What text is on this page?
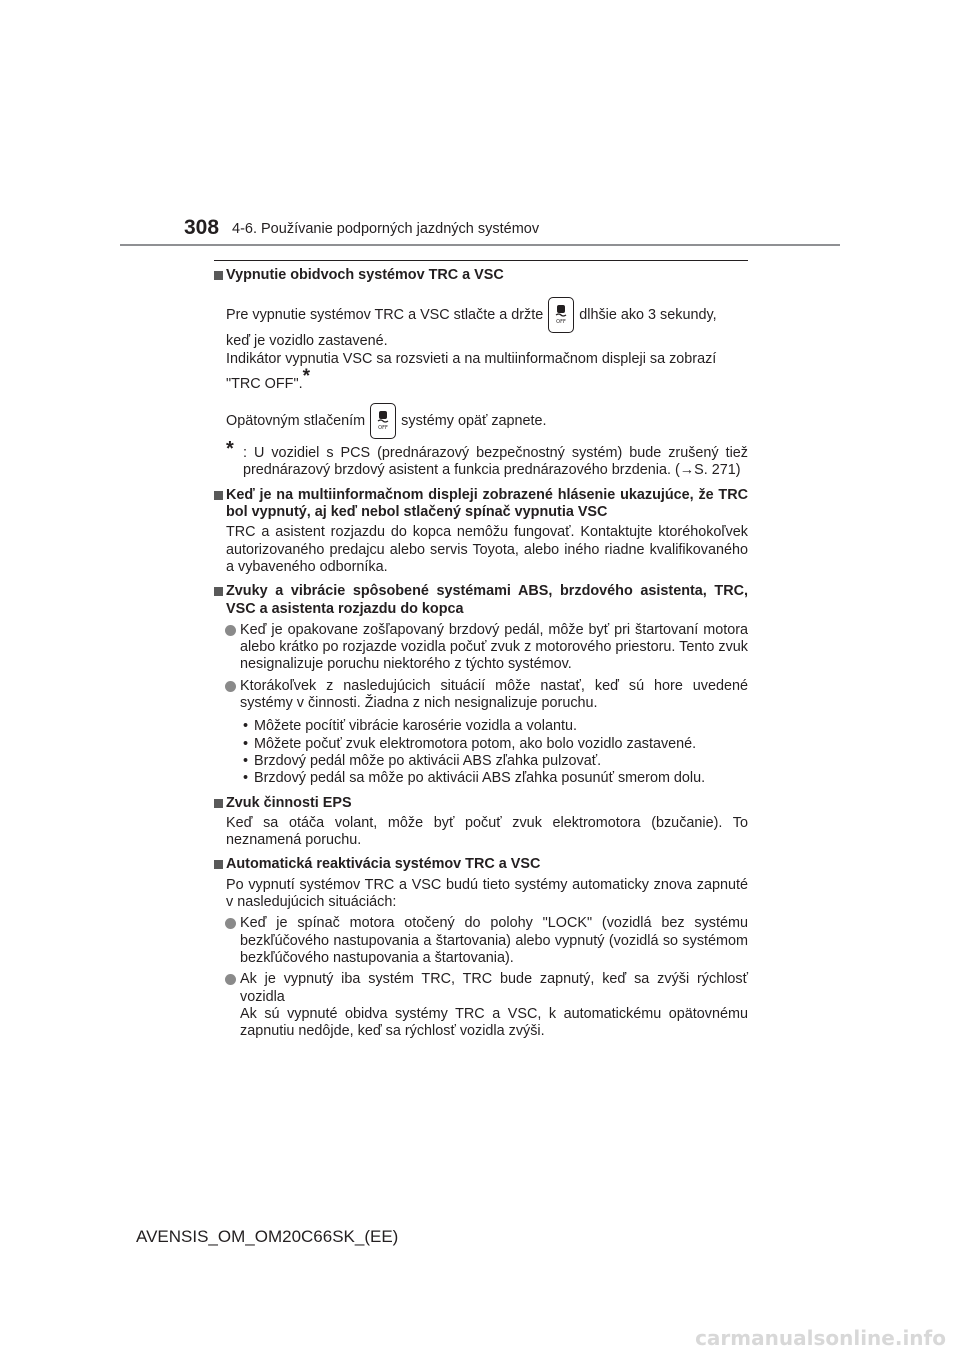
308 4-6. Používanie podporných jazdných systémov
Vypnutie obidvoch systémov TRC a VSC
Pre vypnutie systémov TRC a VSC stlačte a držte	OFF dlhšie ako 3 sekundy,
keď je vozidlo zastavené.
Indikátor vypnutia VSC sa rozsvieti a na multiinformačnom displeji sa zobrazí
"TRC OFF".*
Opätovným stlačením	OFF systémy opäť zapnete.
* : U vozidiel s PCS (prednárazový bezpečnostný systém) bude zrušený tiež prednárazový brzdový asistent a funkcia prednárazového brzdenia. (→S. 271)
Keď je na multiinformačnom displeji zobrazené hlásenie ukazujúce, že TRC bol vypnutý, aj keď nebol stlačený spínač vypnutia VSC
TRC a asistent rozjazdu do kopca nemôžu fungovať. Kontaktujte ktoréhokoľvek autorizovaného predajcu alebo servis Toyota, alebo iného riadne kvalifikovaného a vybaveného odborníka.
Zvuky a vibrácie spôsobené systémami ABS, brzdového asistenta, TRC, VSC a asistenta rozjazdu do kopca
Keď je opakovane zošľapovaný brzdový pedál, môže byť pri štartovaní motora alebo krátko po rozjazde vozidla počuť zvuk z motorového priestoru. Tento zvuk nesignalizuje poruchu niektorého z týchto systémov.
Ktorákoľvek z nasledujúcich situácií môže nastať, keď sú hore uvedené systémy v činnosti. Žiadna z nich nesignalizuje poruchu.
• Môžete pocítiť vibrácie karosérie vozidla a volantu.
• Môžete počuť zvuk elektromotora potom, ako bolo vozidlo zastavené.
• Brzdový pedál môže po aktivácii ABS zľahka pulzovať.
• Brzdový pedál sa môže po aktivácii ABS zľahka posunúť smerom dolu.
Zvuk činnosti EPS
Keď sa otáča volant, môže byť počuť zvuk elektromotora (bzučanie). To neznamená poruchu.
Automatická reaktivácia systémov TRC a VSC
Po vypnutí systémov TRC a VSC budú tieto systémy automaticky znova zapnuté v nasledujúcich situáciách:
Keď je spínač motora otočený do polohy "LOCK" (vozidlá bez systému bezkľúčového nastupovania a štartovania) alebo vypnutý (vozidlá so systémom bezkľúčového nastupovania a štartovania).
Ak je vypnutý iba systém TRC, TRC bude zapnutý, keď sa zvýši rýchlosť vozidla
Ak sú vypnuté obidva systémy TRC a VSC, k automatickému opätovnému zapnutiu nedôjde, keď sa rýchlosť vozidla zvýši.
AVENSIS_OM_OM20C66SK_(EE)
carmanualsonline.info
